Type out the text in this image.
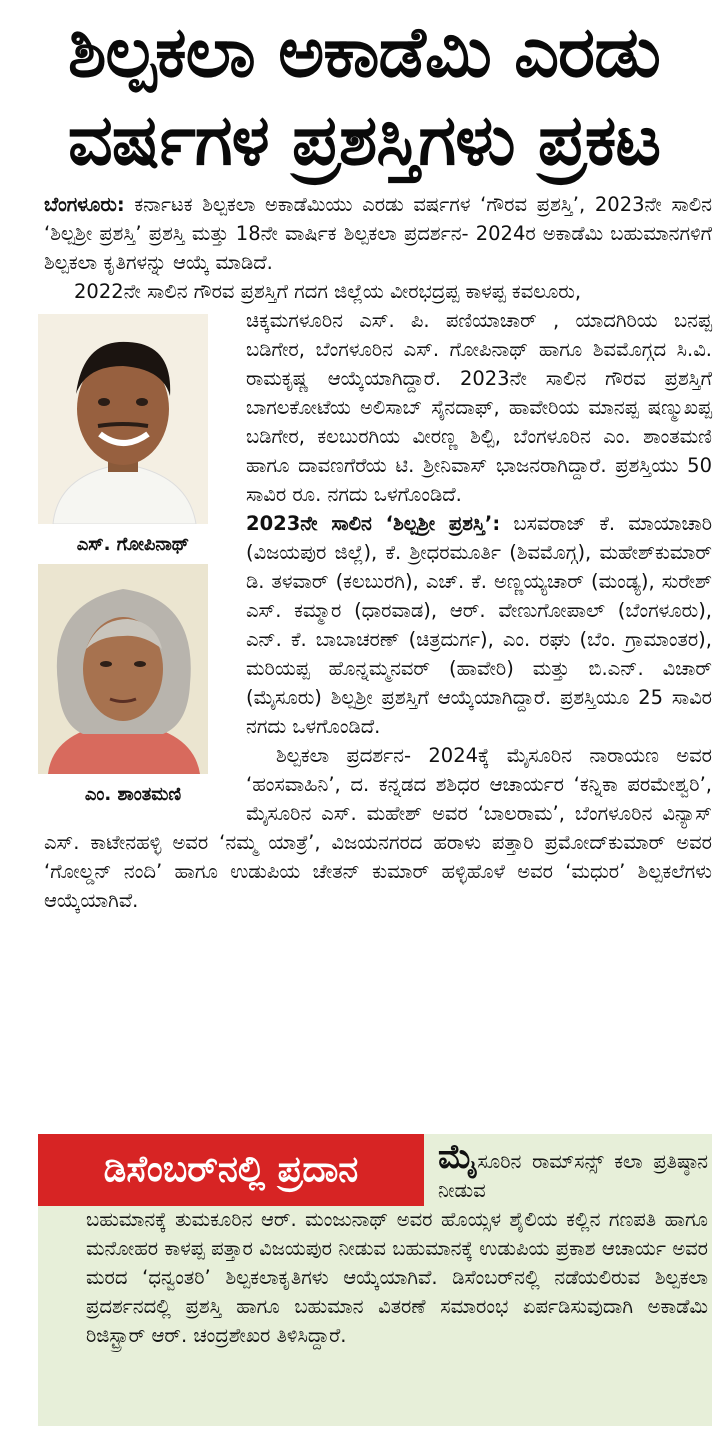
ಶಿಲ್ಪಕಲಾ ಅಕಾಡೆಮಿ ಎರಡು
ವರ್ಷಗಳ ಪ್ರಶಸ್ತಿಗಳು ಪ್ರಕಟ

ಬೆಂಗಳೂರು: ಕರ್ನಾಟಕ ಶಿಲ್ಪಕಲಾ ಅಕಾಡೆಮಿಯು ಎರಡು ವರ್ಷಗಳ ‘ಗೌರವ ಪ್ರಶಸ್ತಿ’, 2023ನೇ ಸಾಲಿನ ‘ಶಿಲ್ಪಶ್ರೀ ಪ್ರಶಸ್ತಿ’ ಪ್ರಶಸ್ತಿ ಮತ್ತು 18ನೇ ವಾರ್ಷಿಕ ಶಿಲ್ಪಕಲಾ ಪ್ರದರ್ಶನ- 2024ರ ಅಕಾಡೆಮಿ ಬಹುಮಾನಗಳಿಗೆ ಶಿಲ್ಪಕಲಾ ಕೃತಿಗಳನ್ನು ಆಯ್ಕೆ ಮಾಡಿದೆ.

2022ನೇ ಸಾಲಿನ ಗೌರವ ಪ್ರಶಸ್ತಿಗೆ ಗದಗ ಜಿಲ್ಲೆಯ ವೀರಭದ್ರಪ್ಪ ಕಾಳಪ್ಪ ಕವಲೂರು,

ಎಸ್. ಗೋಪಿನಾಥ್
ಎಂ. ಶಾಂತಮಣಿ

ಚಿಕ್ಕಮಗಳೂರಿನ ಎಸ್. ಪಿ. ಪಣಿಯಾಚಾರ್ , ಯಾದಗಿರಿಯ ಬನಪ್ಪ ಬಡಿಗೇರ, ಬೆಂಗಳೂರಿನ ಎಸ್. ಗೋಪಿನಾಥ್ ಹಾಗೂ ಶಿವಮೊಗ್ಗದ ಸಿ.ವಿ. ರಾಮಕೃಷ್ಣ ಆಯ್ಕೆಯಾಗಿದ್ದಾರೆ. 2023ನೇ ಸಾಲಿನ ಗೌರವ ಪ್ರಶಸ್ತಿಗೆ ಬಾಗಲಕೋಟೆಯ ಅಲಿಸಾಬ್ ಸೈನದಾಫ್, ಹಾವೇರಿಯ ಮಾನಪ್ಪ ಷಣ್ಮುಖಪ್ಪ ಬಡಿಗೇರ, ಕಲಬುರಗಿಯ ವೀರಣ್ಣ ಶಿಲ್ಪಿ, ಬೆಂಗಳೂರಿನ ಎಂ. ಶಾಂತಮಣಿ ಹಾಗೂ ದಾವಣಗೆರೆಯ ಟಿ. ಶ್ರೀನಿವಾಸ್ ಭಾಜನರಾಗಿದ್ದಾರೆ. ಪ್ರಶಸ್ತಿಯು 50 ಸಾವಿರ ರೂ. ನಗದು ಒಳಗೊಂಡಿದೆ.

2023ನೇ ಸಾಲಿನ ‘ಶಿಲ್ಪಶ್ರೀ ಪ್ರಶಸ್ತಿ’: ಬಸವರಾಜ್ ಕೆ. ಮಾಯಾಚಾರಿ (ವಿಜಯಪುರ ಜಿಲ್ಲೆ), ಕೆ. ಶ್ರೀಧರಮೂರ್ತಿ (ಶಿವಮೊಗ್ಗ), ಮಹೇಶ್‌ಕುಮಾರ್ ಡಿ. ತಳವಾರ್ (ಕಲಬುರಗಿ), ಎಚ್. ಕೆ. ಅಣ್ಣಯ್ಯಚಾರ್ (ಮಂಡ್ಯ), ಸುರೇಶ್ ಎಸ್. ಕಮ್ಮಾರ (ಧಾರವಾಡ), ಆರ್. ವೇಣುಗೋಪಾಲ್ (ಬೆಂಗಳೂರು), ಎನ್. ಕೆ. ಬಾಬಾಚರಣ್ (ಚಿತ್ರದುರ್ಗ), ಎಂ. ರಘು (ಬೆಂ. ಗ್ರಾಮಾಂತರ), ಮರಿಯಪ್ಪ ಹೊನ್ನಮ್ಮನವರ್ (ಹಾವೇರಿ) ಮತ್ತು ಬಿ.ಎನ್. ವಿಚಾರ್ (ಮೈಸೂರು) ಶಿಲ್ಪಶ್ರೀ ಪ್ರಶಸ್ತಿಗೆ ಆಯ್ಕೆಯಾಗಿದ್ದಾರೆ. ಪ್ರಶಸ್ತಿಯೂ 25 ಸಾವಿರ ನಗದು ಒಳಗೊಂಡಿದೆ.

ಶಿಲ್ಪಕಲಾ ಪ್ರದರ್ಶನ- 2024ಕ್ಕೆ ಮೈಸೂರಿನ ನಾರಾಯಣ ಅವರ ‘ಹಂಸವಾಹಿನಿ’, ದ. ಕನ್ನಡದ ಶಶಿಧರ ಆಚಾರ್ಯರ ‘ಕನ್ನಿಕಾ ಪರಮೇಶ್ವರಿ’, ಮೈಸೂರಿನ ಎಸ್. ಮಹೇಶ್ ಅವರ ‘ಬಾಲರಾಮ’, ಬೆಂಗಳೂರಿನ ವಿನ್ಯಾಸ್ ಎಸ್. ಕಾಟೇನಹಳ್ಳಿ ಅವರ ‘ನಮ್ಮ ಯಾತ್ರೆ’, ವಿಜಯನಗರದ ಹರಾಳು ಪತ್ತಾರಿ ಪ್ರಮೋದ್‌ಕುಮಾರ್ ಅವರ ‘ಗೋಲ್ಡನ್ ನಂದಿ’ ಹಾಗೂ ಉಡುಪಿಯ ಚೇತನ್ ಕುಮಾರ್ ಹಳ್ಳಿಹೊಳೆ ಅವರ ‘ಮಧುರ’ ಶಿಲ್ಪಕಲೆಗಳು ಆಯ್ಕೆಯಾಗಿವೆ.

ಮೈಸೂರಿನ ರಾಮ್‌ಸನ್ಸ್ ಕಲಾ ಪ್ರತಿಷ್ಠಾನ ನೀಡುವ
ಬಹುಮಾನಕ್ಕೆ ತುಮಕೂರಿನ ಆರ್. ಮಂಜುನಾಥ್ ಅವರ ಹೊಯ್ಸಳ ಶೈಲಿಯ ಕಲ್ಲಿನ ಗಣಪತಿ ಹಾಗೂ ಮನೋಹರ ಕಾಳಪ್ಪ ಪತ್ತಾರ ವಿಜಯಪುರ ನೀಡುವ ಬಹುಮಾನಕ್ಕೆ ಉಡುಪಿಯ ಪ್ರಕಾಶ ಆಚಾರ್ಯ ಅವರ ಮರದ ‘ಧನ್ವಂತರಿ’ ಶಿಲ್ಪಕಲಾಕೃತಿಗಳು ಆಯ್ಕೆಯಾಗಿವೆ. ಡಿಸೆಂಬರ್‌ನಲ್ಲಿ ನಡೆಯಲಿರುವ ಶಿಲ್ಪಕಲಾ ಪ್ರದರ್ಶನದಲ್ಲಿ ಪ್ರಶಸ್ತಿ ಹಾಗೂ ಬಹುಮಾನ ವಿತರಣೆ ಸಮಾರಂಭ ಏರ್ಪಡಿಸುವುದಾಗಿ ಅಕಾಡೆಮಿ ರಿಜಿಸ್ಟ್ರಾರ್ ಆರ್. ಚಂದ್ರಶೇಖರ ತಿಳಿಸಿದ್ದಾರೆ.
ಡಿಸೆಂಬರ್‌ನಲ್ಲಿ ಪ್ರದಾನ
